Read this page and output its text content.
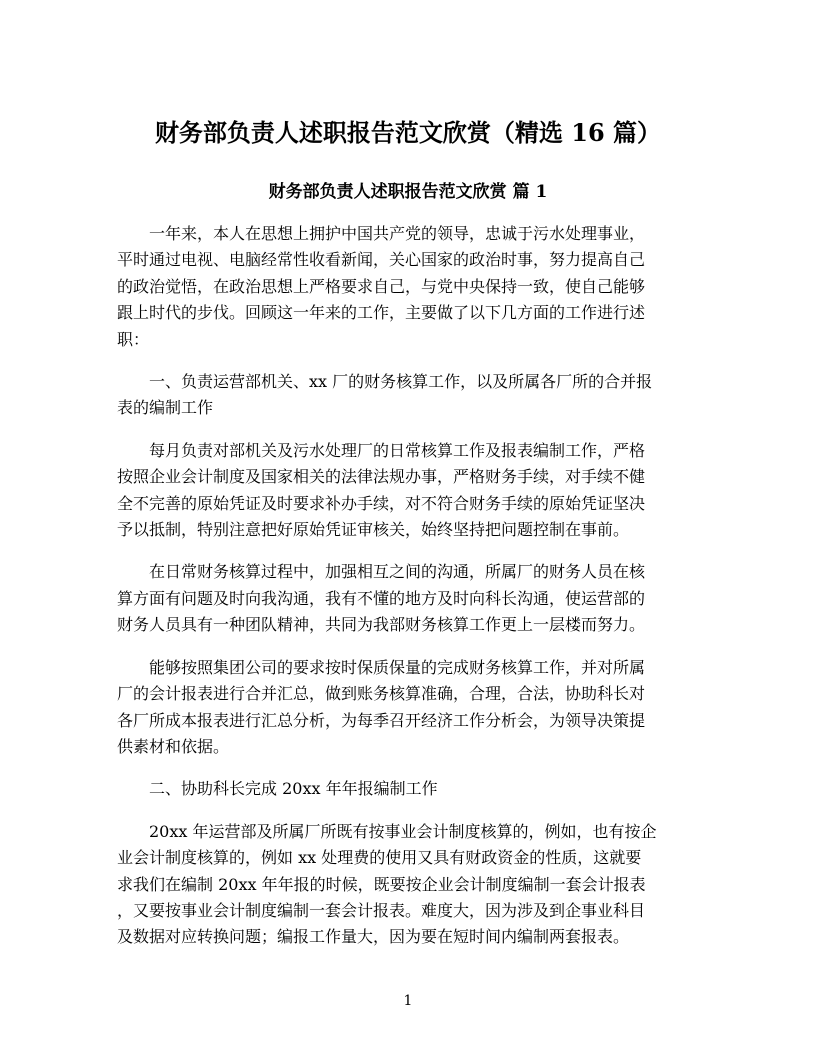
财务部负责人述职报告范文欣赏（精选 16 篇）
财务部负责人述职报告范文欣赏 篇 1

一年来，本人在思想上拥护中国共产党的领导，忠诚于污水处理事业，
平时通过电视、电脑经常性收看新闻，关心国家的政治时事，努力提高自己
的政治觉悟，在政治思想上严格要求自己，与党中央保持一致，使自己能够
跟上时代的步伐。回顾这一年来的工作，主要做了以下几方面的工作进行述
职：

一、负责运营部机关、xx 厂的财务核算工作，以及所属各厂所的合并报
表的编制工作

每月负责对部机关及污水处理厂的日常核算工作及报表编制工作，严格
按照企业会计制度及国家相关的法律法规办事，严格财务手续，对手续不健
全不完善的原始凭证及时要求补办手续，对不符合财务手续的原始凭证坚决
予以抵制，特别注意把好原始凭证审核关，始终坚持把问题控制在事前。

在日常财务核算过程中，加强相互之间的沟通，所属厂的财务人员在核
算方面有问题及时向我沟通，我有不懂的地方及时向科长沟通，使运营部的
财务人员具有一种团队精神，共同为我部财务核算工作更上一层楼而努力。

能够按照集团公司的要求按时保质保量的完成财务核算工作，并对所属
厂的会计报表进行合并汇总，做到账务核算准确，合理，合法，协助科长对
各厂所成本报表进行汇总分析，为每季召开经济工作分析会，为领导决策提
供素材和依据。

二、协助科长完成 20xx 年年报编制工作

20xx 年运营部及所属厂所既有按事业会计制度核算的，例如，也有按企
业会计制度核算的，例如 xx 处理费的使用又具有财政资金的性质，这就要
求我们在编制 20xx 年年报的时候，既要按企业会计制度编制一套会计报表
，又要按事业会计制度编制一套会计报表。难度大，因为涉及到企事业科目
及数据对应转换问题；编报工作量大，因为要在短时间内编制两套报表。

1
